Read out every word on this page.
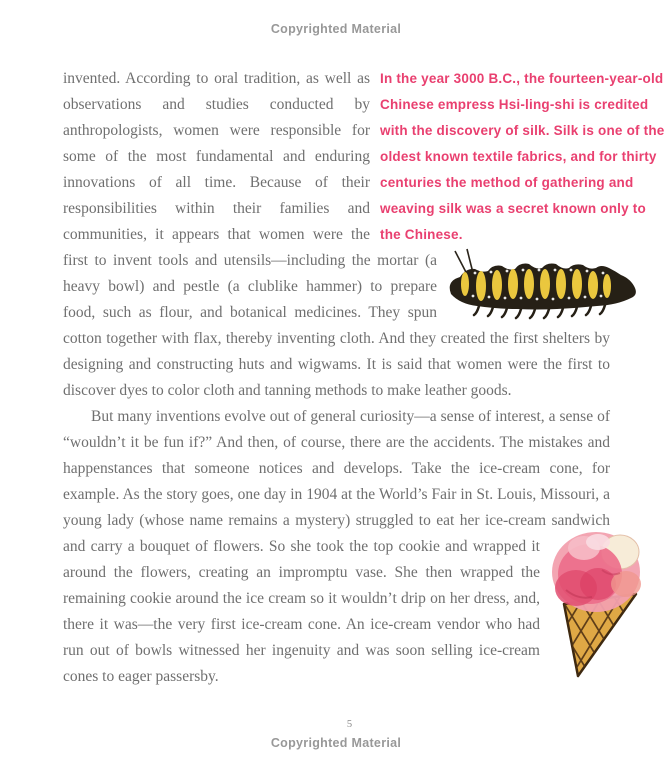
Copyrighted Material
In the year 3000 B.C., the fourteen-year-old Chinese empress Hsi-ling-shi is credited with the discovery of silk. Silk is one of the oldest known textile fabrics, and for thirty centuries the method of gathering and weaving silk was a secret known only to the Chinese.

invented. According to oral tradition, as well as observations and studies conducted by anthropologists, women were responsible for some of the most fundamental and enduring innovations of all time. Because of their responsibilities within their families and communities, it appears that women were the first to invent tools and utensils—including the mortar (a heavy bowl) and pestle (a clublike hammer) to prepare food, such as flour, and botanical medicines. They spun cotton together with flax, thereby inventing cloth. And they created the first shelters by designing and constructing huts and wigwams. It is said that women were the first to discover dyes to color cloth and tanning methods to make leather goods.

But many inventions evolve out of general curiosity—a sense of interest, a sense of “wouldn’t it be fun if?” And then, of course, there are the accidents. The mistakes and happenstances that someone notices and develops. Take the ice-cream cone, for example. As the story goes, one day in 1904 at the World’s Fair in St. Louis, Missouri, a young lady (whose name remains a mystery) struggled to eat her ice-cream sandwich and carry a bouquet of flowers. So she took the top
cookie and wrapped it around the flowers, creating an impromptu vase. She then wrapped the remaining cookie around the ice cream so it wouldn’t drip on her dress, and, there it was—the very first ice-cream cone. An ice-cream vendor who had run out of bowls witnessed her ingenuity and was soon selling ice-cream cones to eager passersby.

5
Copyrighted Material
